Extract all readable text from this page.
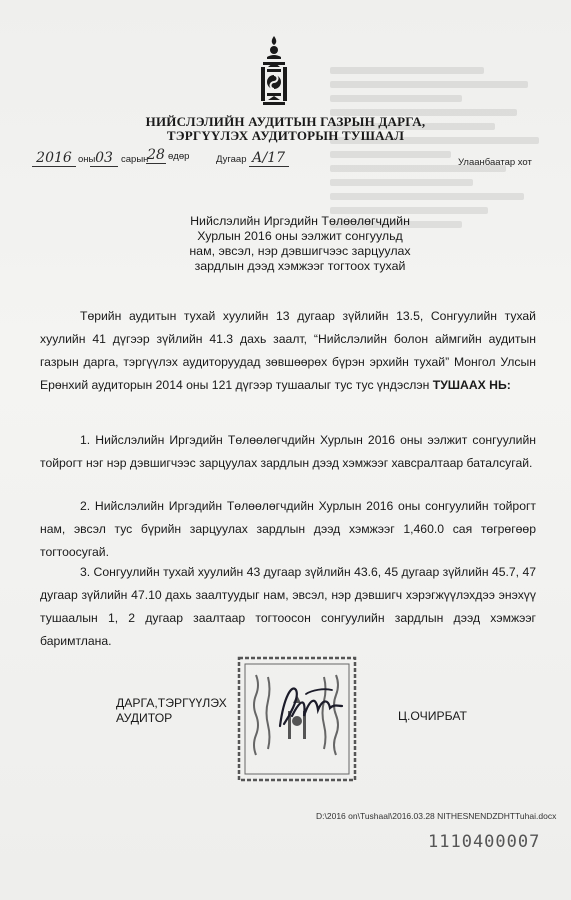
НИЙСЛЭЛИЙН АУДИТЫН ГАЗРЫН ДАРГА,
ТЭРГҮҮЛЭХ АУДИТОРЫН ТУШААЛ
2016 оны 03 сарын
28 өдөр	Дугаар А/17	Улаанбаатар хот
Нийслэлийн Иргэдийн Төлөөлөгчдийн
Хурлын 2016 оны ээлжит сонгуульд
нам, эвсэл, нэр дэвшигчээс зарцуулах
зардлын дээд хэмжээг тогтоох тухай
Төрийн аудитын тухай хуулийн 13 дугаар зүйлийн 13.5, Сонгуулийн тухай хуулийн 41 дүгээр зүйлийн 41.3 дахь заалт, “Нийслэлийн болон аймгийн аудитын газрын дарга, тэргүүлэх аудиторуудад зөвшөөрөх бүрэн эрхийн тухай” Монгол Улсын Ерөнхий аудиторын 2014 оны 121 дүгээр тушаалыг тус тус үндэслэн ТУШААХ НЬ:
1. Нийслэлийн Иргэдийн Төлөөлөгчдийн Хурлын 2016 оны ээлжит сонгуулийн тойрогт нэг нэр дэвшигчээс зарцуулах зардлын дээд хэмжээг хавсралтаар баталсугай.
2. Нийслэлийн Иргэдийн Төлөөлөгчдийн Хурлын 2016 оны сонгуулийн тойрогт нам, эвсэл тус бүрийн зарцуулах зардлын дээд хэмжээг 1,460.0 сая төгрөгөөр тогтоосугай.
3. Сонгуулийн тухай хуулийн 43 дугаар зүйлийн 43.6, 45 дугаар зүйлийн 45.7, 47 дугаар зүйлийн 47.10 дахь заалтуудыг нам, эвсэл, нэр дэвшигч хэрэгжүүлэхдээ энэхүү тушаалын 1, 2 дугаар заалтаар тогтоосон сонгуулийн зардлын дээд хэмжээг баримтлана.
ДАРГА,ТЭРГҮҮЛЭХ
АУДИТОР	Ц.ОЧИРБАТ
D:\2016 on\Tushaal\2016.03.28 NITHESNENDZDHTTuhai.docx
1110400007
